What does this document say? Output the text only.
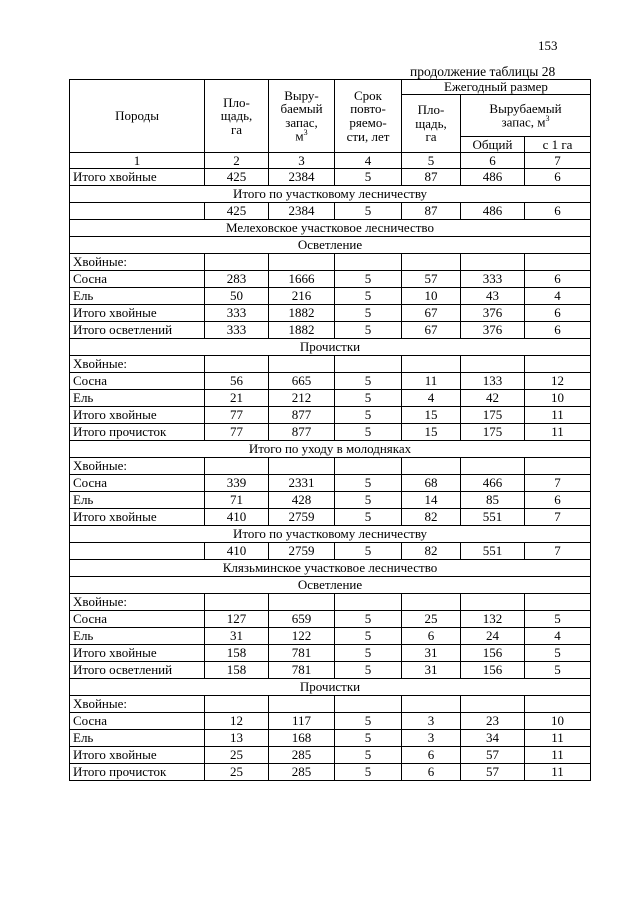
153
продолжение таблицы 28
Породы	Пло-
щадь,
га	Выру-
баемый
запас,
$м^3$	Срок
повто-
ряемо-
сти, лет	Ежегодный размер		
				Пло-
щадь,
га	Вырубаемый
запас, $м^3$
					Общий	с 1 га
1	2	3	4	5	6	7
Итого хвойные	425	2384	5	87	486	6
Итого по участковому лесничеству						
	425	2384	5	87	486	6
Мелеховское участковое лесничество						
Осветление						
Хвойные:						
Сосна	283	1666	5	57	333	6
Ель	50	216	5	10	43	4
Итого хвойные	333	1882	5	67	376	6
Итого осветлений	333	1882	5	67	376	6
Прочистки						
Хвойные:						
Сосна	56	665	5	11	133	12
Ель	21	212	5	4	42	10
Итого хвойные	77	877	5	15	175	11
Итого прочисток	77	877	5	15	175	11
Итого по уходу в молодняках						
Хвойные:						
Сосна	339	2331	5	68	466	7
Ель	71	428	5	14	85	6
Итого хвойные	410	2759	5	82	551	7
Итого по участковому лесничеству						
	410	2759	5	82	551	7
Клязьминское участковое лесничество						
Осветление						
Хвойные:						
Сосна	127	659	5	25	132	5
Ель	31	122	5	6	24	4
Итого хвойные	158	781	5	31	156	5
Итого осветлений	158	781	5	31	156	5
Прочистки						
Хвойные:						
Сосна	12	117	5	3	23	10
Ель	13	168	5	3	34	11
Итого хвойные	25	285	5	6	57	11
Итого прочисток	25	285	5	6	57	11
